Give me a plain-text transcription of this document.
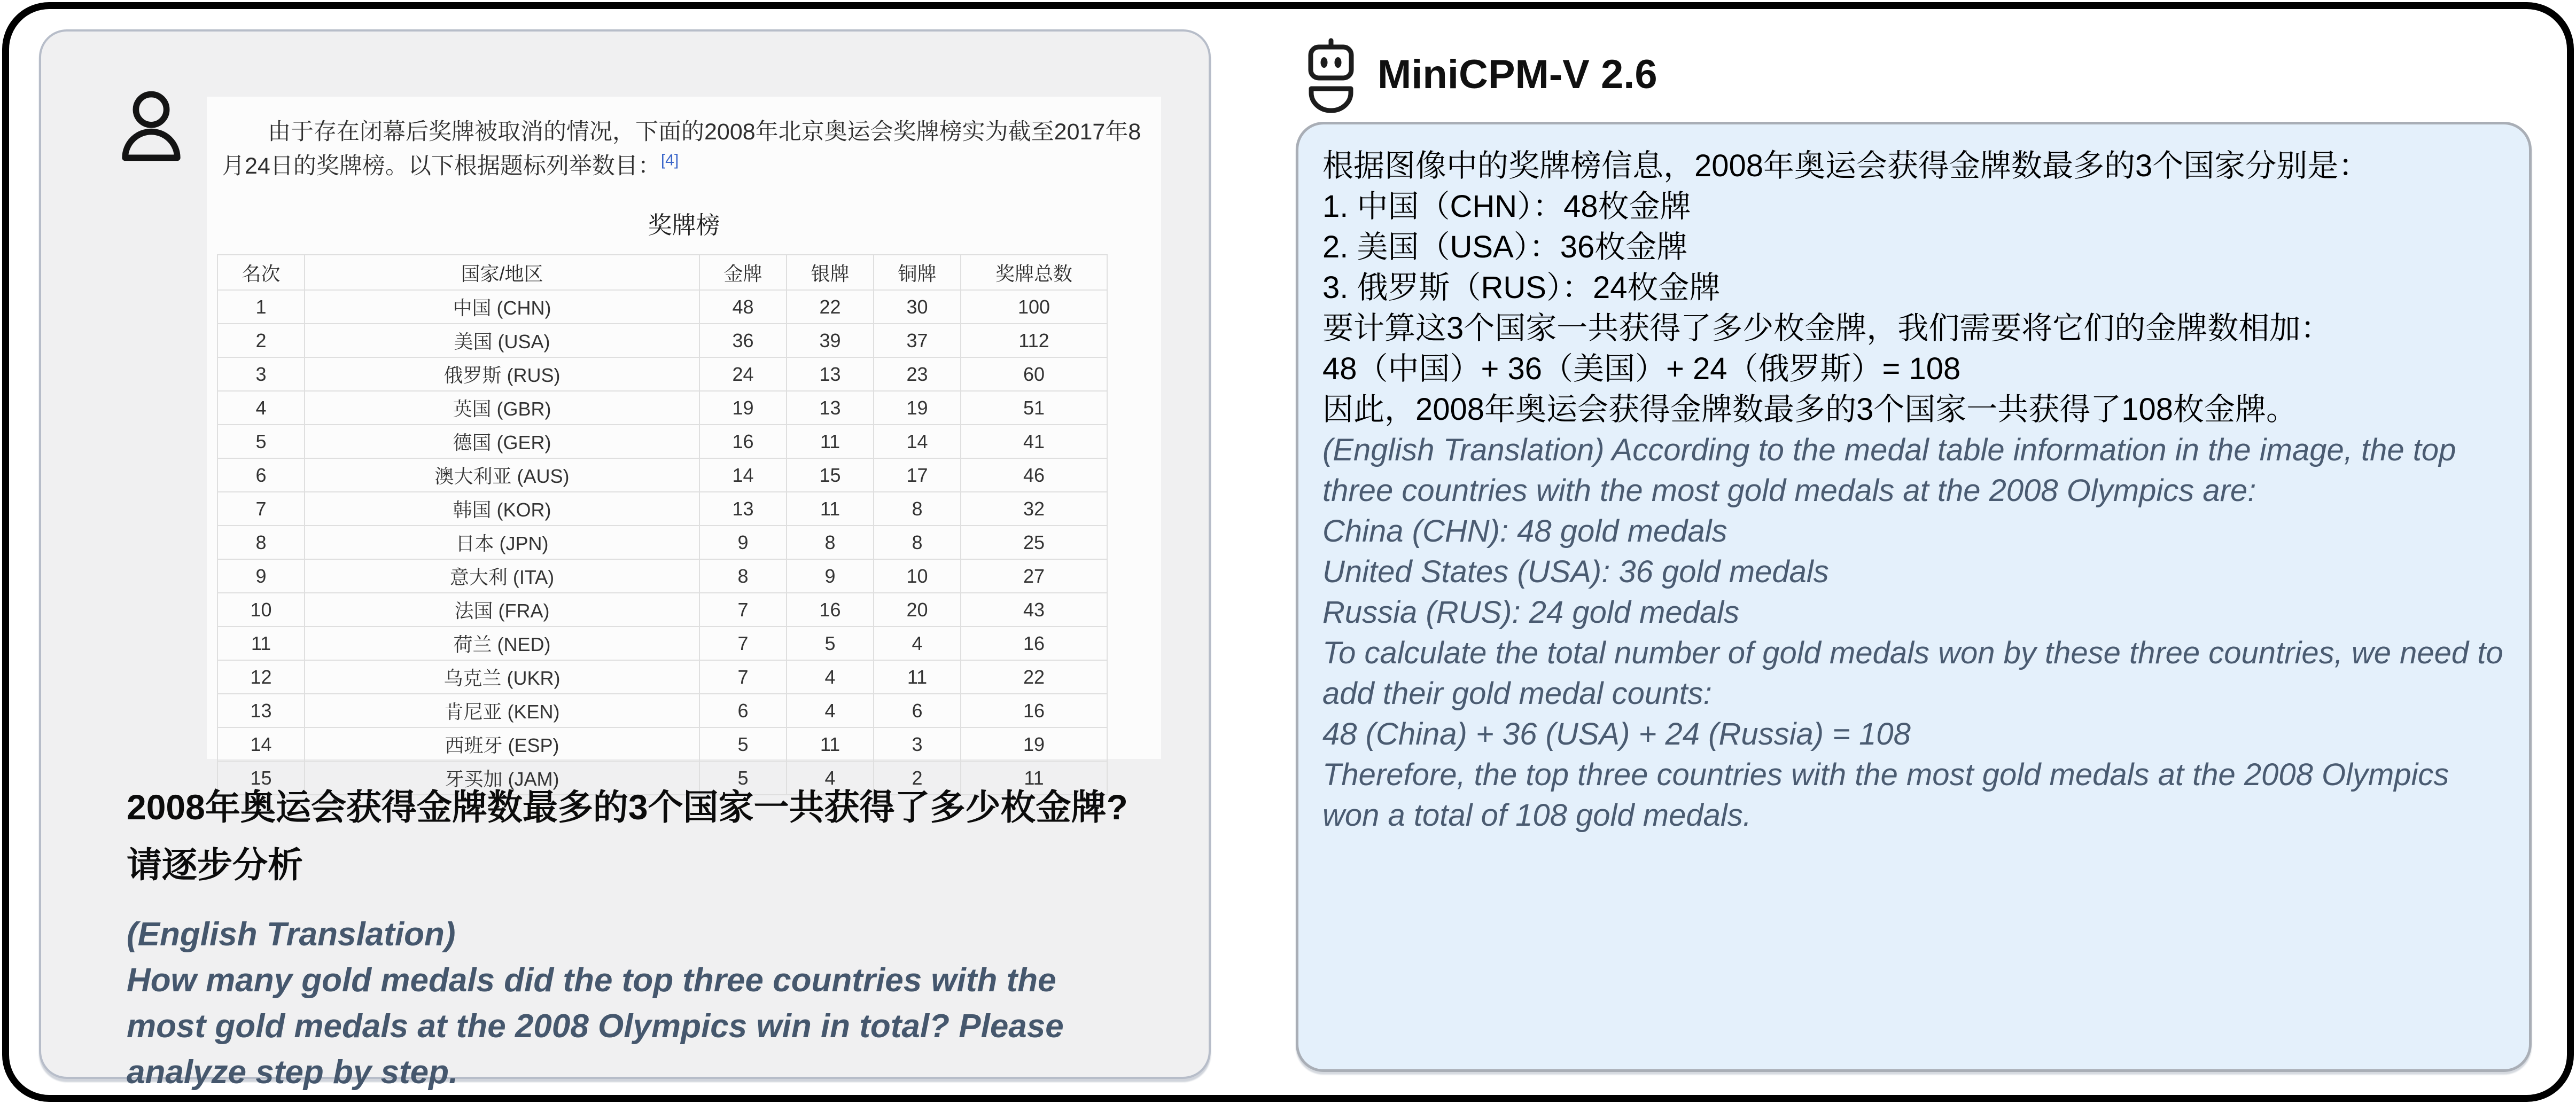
由于存在闭幕后奖牌被取消的情况，下面的2008年北京奥运会奖牌榜实为截至2017年8月24日的奖牌榜。以下根据题标列举数目：[4]
奖牌榜
名次	国家/地区	金牌	银牌	铜牌	奖牌总数
1	中国 (CHN)	48	22	30	100
2	美国 (USA)	36	39	37	112
3	俄罗斯 (RUS)	24	13	23	60
4	英国 (GBR)	19	13	19	51
5	德国 (GER)	16	11	14	41
6	澳大利亚 (AUS)	14	15	17	46
7	韩国 (KOR)	13	11	8	32
8	日本 (JPN)	9	8	8	25
9	意大利 (ITA)	8	9	10	27
10	法国 (FRA)	7	16	20	43
11	荷兰 (NED)	7	5	4	16
12	乌克兰 (UKR)	7	4	11	22
13	肯尼亚 (KEN)	6	4	6	16
14	西班牙 (ESP)	5	11	3	19
15	牙买加 (JAM)	5	4	2	11
2008年奥运会获得金牌数最多的3个国家一共获得了多少枚金牌?
请逐步分析
(English Translation)
How many gold medals did the top three countries with the most gold medals at the 2008 Olympics win in total? Please analyze step by step.
MiniCPM-V 2.6
根据图像中的奖牌榜信息，2008年奥运会获得金牌数最多的3个国家分别是：
1. 中国（CHN）：48枚金牌
2. 美国（USA）：36枚金牌
3. 俄罗斯（RUS）：24枚金牌
要计算这3个国家一共获得了多少枚金牌，我们需要将它们的金牌数相加：
48（中国）+ 36（美国）+ 24（俄罗斯）= 108
因此，2008年奥运会获得金牌数最多的3个国家一共获得了108枚金牌。
(English Translation) According to the medal table information in the image, the top three countries with the most gold medals at the 2008 Olympics are:
China (CHN): 48 gold medals
United States (USA): 36 gold medals
Russia (RUS): 24 gold medals
To calculate the total number of gold medals won by these three countries, we need to add their gold medal counts:
48 (China) + 36 (USA) + 24 (Russia) = 108
Therefore, the top three countries with the most gold medals at the 2008 Olympics won a total of 108 gold medals.
